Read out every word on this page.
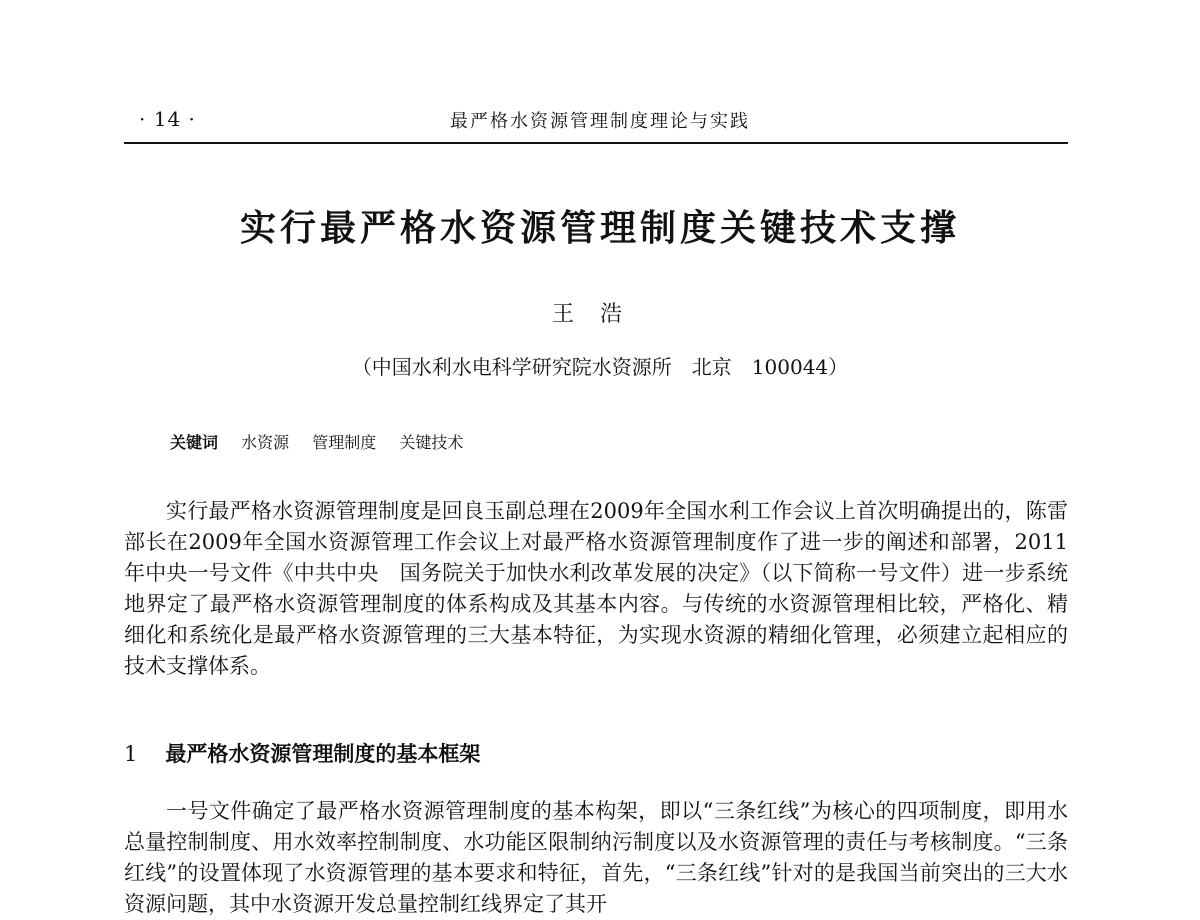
· 14 ·	最严格水资源管理制度理论与实践
实行最严格水资源管理制度关键技术支撑
王浩
（中国水利水电科学研究院水资源所　北京　100044）
关键词 水资源 管理制度 关键技术

实行最严格水资源管理制度是回良玉副总理在2009年全国水利工作会议上首次明确提出的，陈雷部长在2009年全国水资源管理工作会议上对最严格水资源管理制度作了进一步的阐述和部署，2011年中央一号文件《中共中央　国务院关于加快水利改革发展的决定》（以下简称一号文件）进一步系统地界定了最严格水资源管理制度的体系构成及其基本内容。与传统的水资源管理相比较，严格化、精细化和系统化是最严格水资源管理的三大基本特征，为实现水资源的精细化管理，必须建立起相应的技术支撑体系。

1 最严格水资源管理制度的基本框架

一号文件确定了最严格水资源管理制度的基本构架，即以“三条红线”为核心的四项制度，即用水总量控制制度、用水效率控制制度、水功能区限制纳污制度以及水资源管理的责任与考核制度。“三条红线”的设置体现了水资源管理的基本要求和特征，首先，“三条红线”针对的是我国当前突出的三大水资源问题，其中水资源开发总量控制红线界定了其开
